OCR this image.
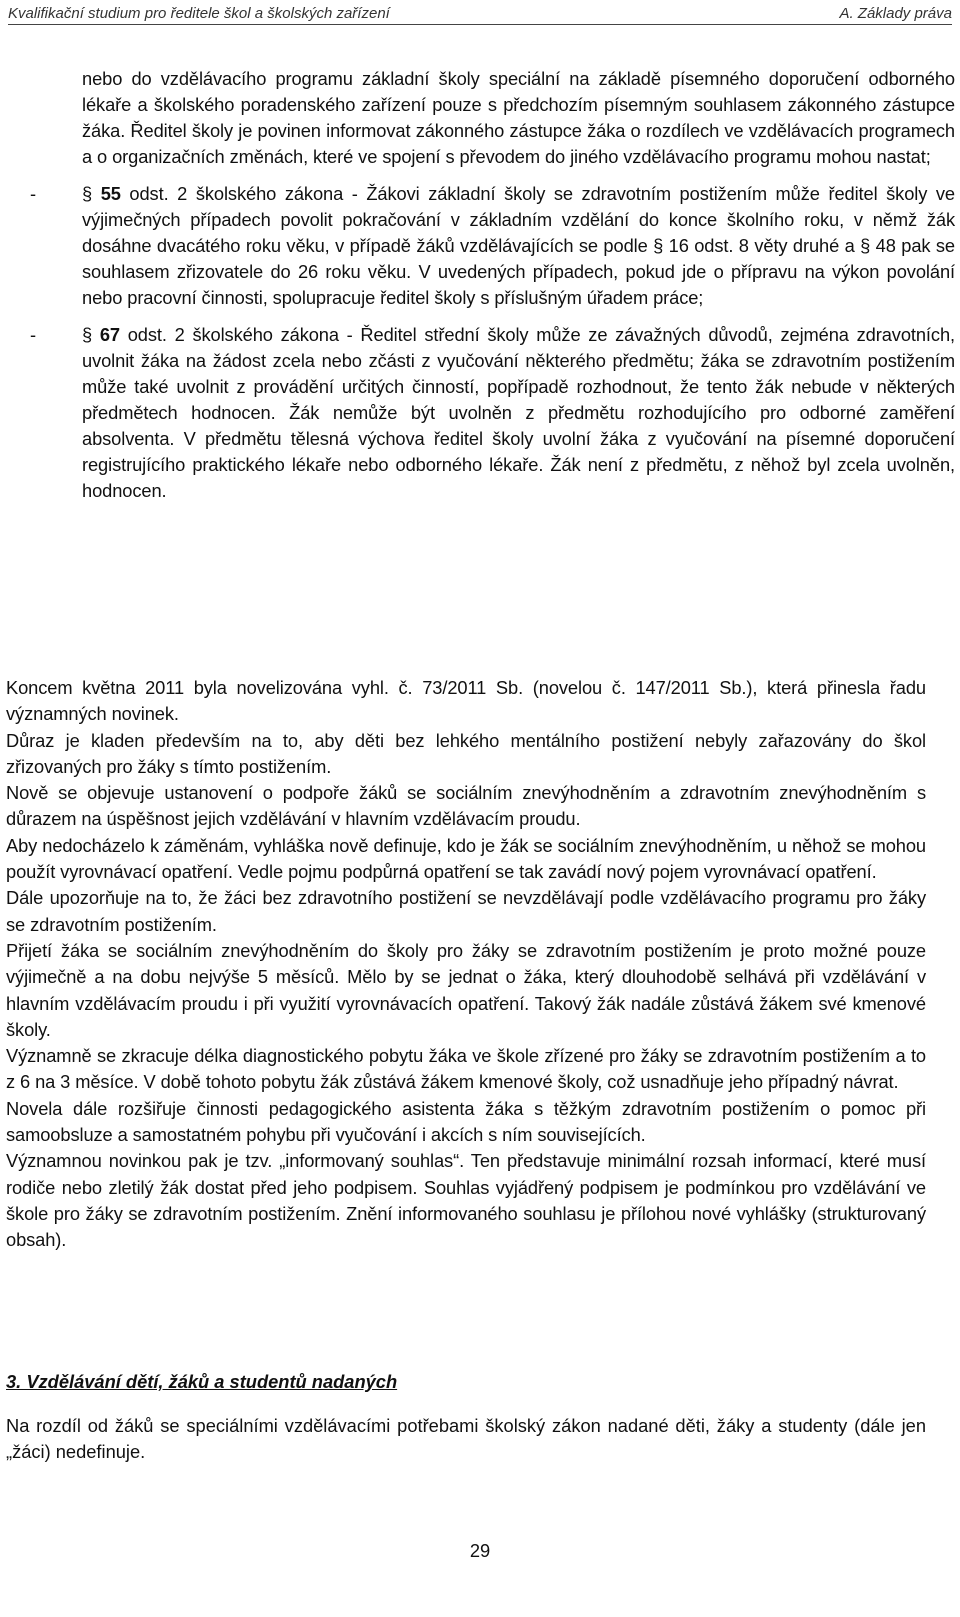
Kvalifikační studium pro ředitele škol a školských zařízení	A. Základy práva
nebo do vzdělávacího programu základní školy speciální na základě písemného doporučení odborného lékaře a školského poradenského zařízení pouze s předchozím písemným souhlasem zákonného zástupce žáka. Ředitel školy je povinen informovat zákonného zástupce žáka o rozdílech ve vzdělávacích programech a o organizačních změnách, které ve spojení s převodem do jiného vzdělávacího programu mohou nastat;
-	§ 55 odst. 2 školského zákona - Žákovi základní školy se zdravotním postižením může ředitel školy ve výjimečných případech povolit pokračování v základním vzdělání do konce školního roku, v němž žák dosáhne dvacátého roku věku, v případě žáků vzdělávajících se podle § 16 odst. 8 věty druhé a § 48 pak se souhlasem zřizovatele do 26 roku věku. V uvedených případech, pokud jde o přípravu na výkon povolání nebo pracovní činnosti, spolupracuje ředitel školy s příslušným úřadem práce;
-	§ 67 odst. 2 školského zákona - Ředitel střední školy může ze závažných důvodů, zejména zdravotních, uvolnit žáka na žádost zcela nebo zčásti z vyučování některého předmětu; žáka se zdravotním postižením může také uvolnit z provádění určitých činností, popřípadě rozhodnout, že tento žák nebude v některých předmětech hodnocen. Žák nemůže být uvolněn z předmětu rozhodujícího pro odborné zaměření absolventa. V předmětu tělesná výchova ředitel školy uvolní žáka z vyučování na písemné doporučení registrujícího praktického lékaře nebo odborného lékaře. Žák není z předmětu, z něhož byl zcela uvolněn, hodnocen.

Koncem května 2011 byla novelizována vyhl. č. 73/2011 Sb. (novelou č. 147/2011 Sb.), která přinesla řadu významných novinek.

Důraz je kladen především na to, aby děti bez lehkého mentálního postižení nebyly zařazovány do škol zřizovaných pro žáky s tímto postižením.

Nově se objevuje ustanovení o podpoře žáků se sociálním znevýhodněním a zdravotním znevýhodněním s důrazem na úspěšnost jejich vzdělávání v hlavním vzdělávacím proudu.

Aby nedocházelo k záměnám, vyhláška nově definuje, kdo je žák se sociálním znevýhodněním, u něhož se mohou použít vyrovnávací opatření. Vedle pojmu podpůrná opatření se tak zavádí nový pojem vyrovnávací opatření.

Dále upozorňuje na to, že žáci bez zdravotního postižení se nevzdělávají podle vzdělávacího programu pro žáky se zdravotním postižením.

Přijetí žáka se sociálním znevýhodněním do školy pro žáky se zdravotním postižením je proto možné pouze výjimečně a na dobu nejvýše 5 měsíců. Mělo by se jednat o žáka, který dlouhodobě selhává při vzdělávání v hlavním vzdělávacím proudu i při využití vyrovnávacích opatření. Takový žák nadále zůstává žákem své kmenové školy.

Významně se zkracuje délka diagnostického pobytu žáka ve škole zřízené pro žáky se zdravotním postižením a to z 6 na 3 měsíce. V době tohoto pobytu žák zůstává žákem kmenové školy, což usnadňuje jeho případný návrat.

Novela dále rozšiřuje činnosti pedagogického asistenta žáka s těžkým zdravotním postižením o pomoc při samoobsluze a samostatném pohybu při vyučování i akcích s ním souvisejících.

Významnou novinkou pak je tzv. „informovaný souhlas“. Ten představuje minimální rozsah informací, které musí rodiče nebo zletilý žák dostat před jeho podpisem. Souhlas vyjádřený podpisem je podmínkou pro vzdělávání ve škole pro žáky se zdravotním postižením. Znění informovaného souhlasu je přílohou nové vyhlášky (strukturovaný obsah).

3. Vzdělávání dětí, žáků a studentů nadaných
Na rozdíl od žáků se speciálními vzdělávacími potřebami školský zákon nadané děti, žáky a studenty (dále jen „žáci) nedefinuje.
29
